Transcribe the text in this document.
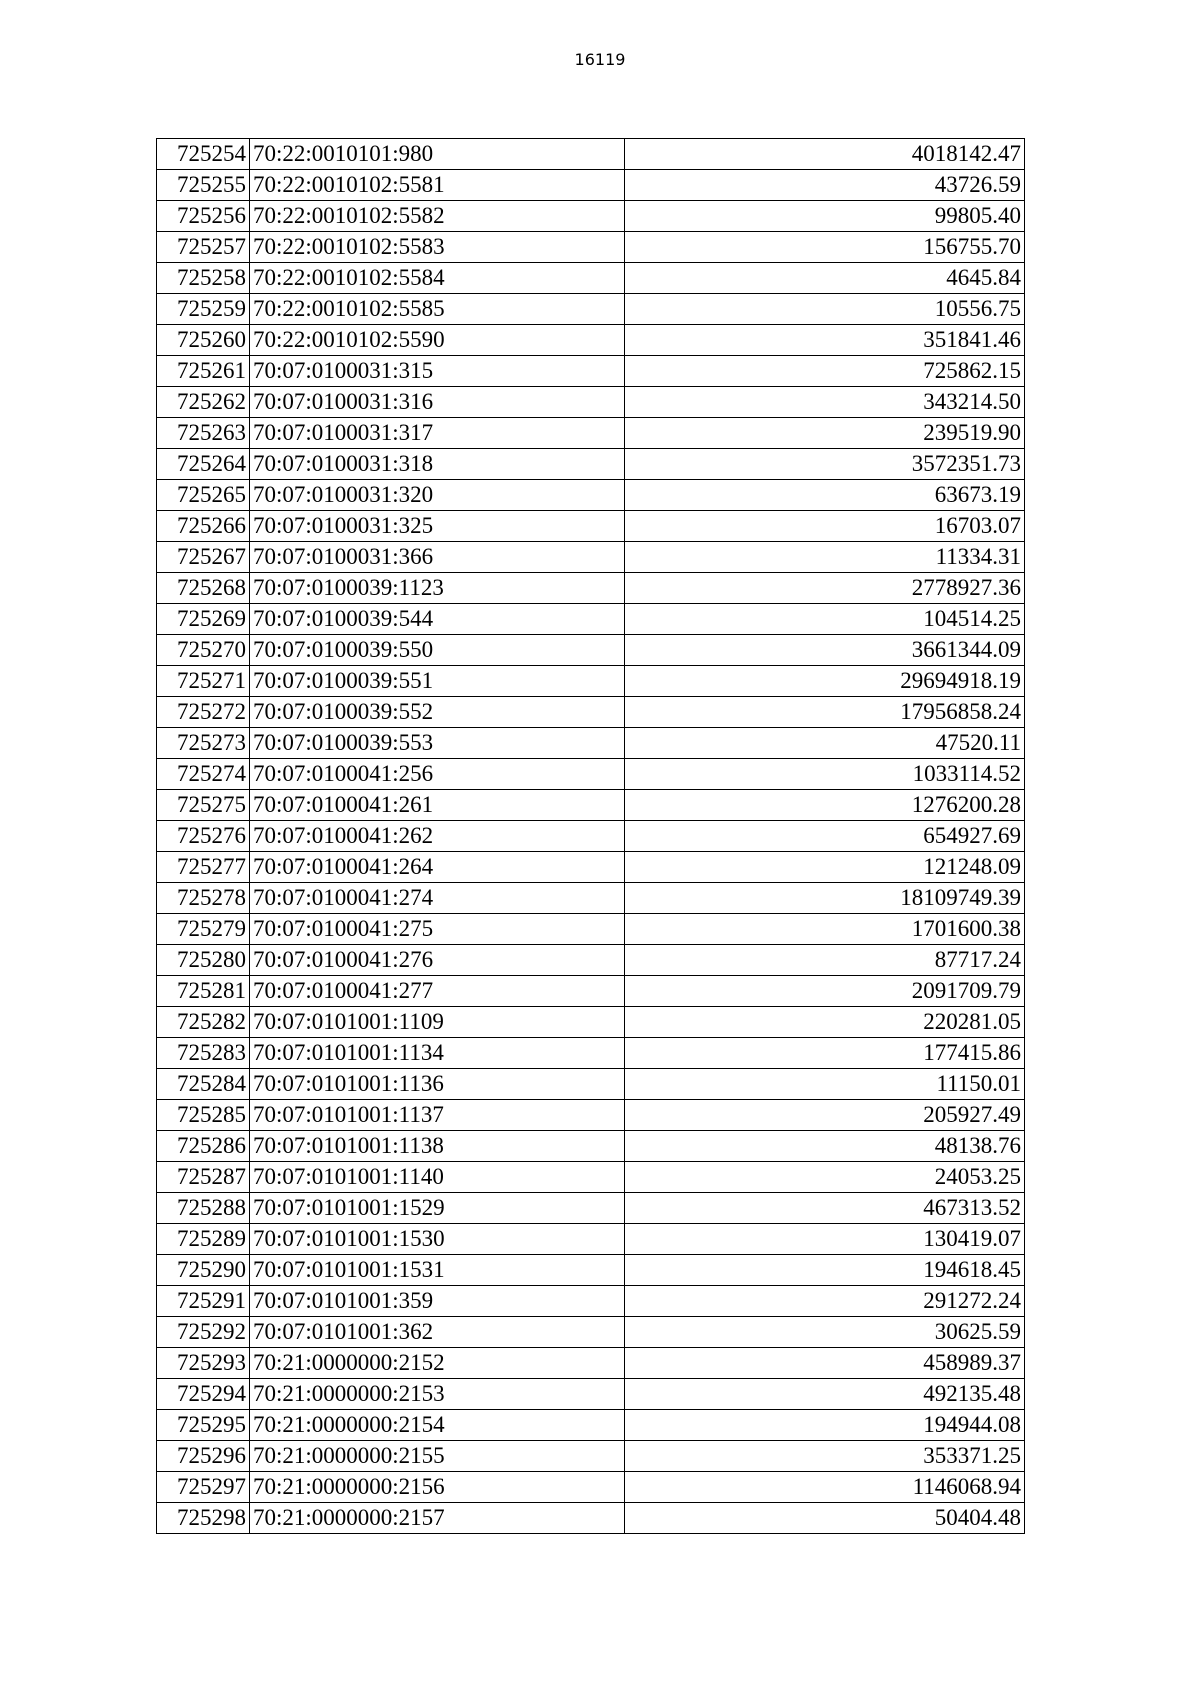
16119
725254	70:22:0010101:980	4018142.47
725255	70:22:0010102:5581	43726.59
725256	70:22:0010102:5582	99805.40
725257	70:22:0010102:5583	156755.70
725258	70:22:0010102:5584	4645.84
725259	70:22:0010102:5585	10556.75
725260	70:22:0010102:5590	351841.46
725261	70:07:0100031:315	725862.15
725262	70:07:0100031:316	343214.50
725263	70:07:0100031:317	239519.90
725264	70:07:0100031:318	3572351.73
725265	70:07:0100031:320	63673.19
725266	70:07:0100031:325	16703.07
725267	70:07:0100031:366	11334.31
725268	70:07:0100039:1123	2778927.36
725269	70:07:0100039:544	104514.25
725270	70:07:0100039:550	3661344.09
725271	70:07:0100039:551	29694918.19
725272	70:07:0100039:552	17956858.24
725273	70:07:0100039:553	47520.11
725274	70:07:0100041:256	1033114.52
725275	70:07:0100041:261	1276200.28
725276	70:07:0100041:262	654927.69
725277	70:07:0100041:264	121248.09
725278	70:07:0100041:274	18109749.39
725279	70:07:0100041:275	1701600.38
725280	70:07:0100041:276	87717.24
725281	70:07:0100041:277	2091709.79
725282	70:07:0101001:1109	220281.05
725283	70:07:0101001:1134	177415.86
725284	70:07:0101001:1136	11150.01
725285	70:07:0101001:1137	205927.49
725286	70:07:0101001:1138	48138.76
725287	70:07:0101001:1140	24053.25
725288	70:07:0101001:1529	467313.52
725289	70:07:0101001:1530	130419.07
725290	70:07:0101001:1531	194618.45
725291	70:07:0101001:359	291272.24
725292	70:07:0101001:362	30625.59
725293	70:21:0000000:2152	458989.37
725294	70:21:0000000:2153	492135.48
725295	70:21:0000000:2154	194944.08
725296	70:21:0000000:2155	353371.25
725297	70:21:0000000:2156	1146068.94
725298	70:21:0000000:2157	50404.48
